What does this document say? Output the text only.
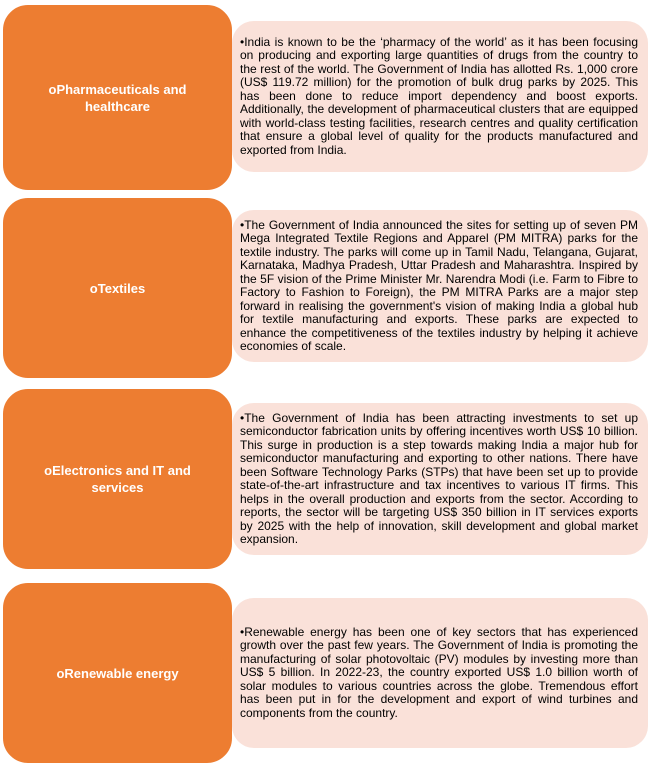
oPharmaceuticals and healthcare
•India is known to be the ‘pharmacy of the world’ as it has been focusing on producing and exporting large quantities of drugs from the country to the rest of the world. The Government of India has allotted Rs. 1,000 crore (US$ 119.72 million) for the promotion of bulk drug parks by 2025. This has been done to reduce import dependency and boost exports. Additionally, the development of pharmaceutical clusters that are equipped with world-class testing facilities, research centres and quality certification that ensure a global level of quality for the products manufactured and exported from India.
oTextiles
•The Government of India announced the sites for setting up of seven PM Mega Integrated Textile Regions and Apparel (PM MITRA) parks for the textile industry. The parks will come up in Tamil Nadu, Telangana, Gujarat, Karnataka, Madhya Pradesh, Uttar Pradesh and Maharashtra. Inspired by the 5F vision of the Prime Minister Mr. Narendra Modi (i.e. Farm to Fibre to Factory to Fashion to Foreign), the PM MITRA Parks are a major step forward in realising the government's vision of making India a global hub for textile manufacturing and exports. These parks are expected to enhance the competitiveness of the textiles industry by helping it achieve economies of scale.
oElectronics and IT and services
•The Government of India has been attracting investments to set up semiconductor fabrication units by offering incentives worth US$ 10 billion. This surge in production is a step towards making India a major hub for semiconductor manufacturing and exporting to other nations. There have been Software Technology Parks (STPs) that have been set up to provide state-of-the-art infrastructure and tax incentives to various IT firms. This helps in the overall production and exports from the sector. According to reports, the sector will be targeting US$ 350 billion in IT services exports by 2025 with the help of innovation, skill development and global market expansion.
oRenewable energy
•Renewable energy has been one of key sectors that has experienced growth over the past few years. The Government of India is promoting the manufacturing of solar photovoltaic (PV) modules by investing more than US$ 5 billion. In 2022-23, the country exported US$ 1.0 billion worth of solar modules to various countries across the globe. Tremendous effort has been put in for the development and export of wind turbines and components from the country.
